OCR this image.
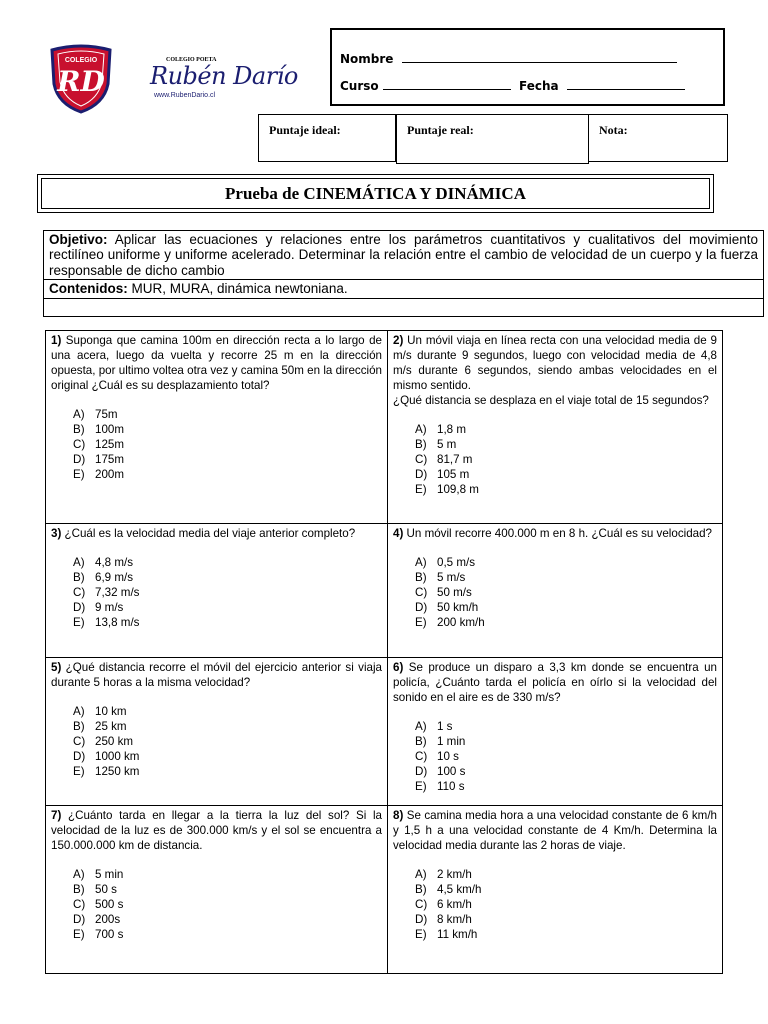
RD
COLEGIO	COLEGIO POETA
Rubén Darío
www.RubenDario.cl
Nombre
Curso	Fecha
Puntaje ideal:	Puntaje real:	Nota:
Prueba de CINEMÁTICA Y DINÁMICA
Objetivo: Aplicar las ecuaciones y relaciones entre los parámetros cuantitativos y cualitativos del movimiento rectilíneo uniforme y uniforme acelerado. Determinar la relación entre el cambio de velocidad de un cuerpo y la fuerza responsable de dicho cambio
Contenidos: MUR, MURA, dinámica newtoniana.
1) Suponga que camina 100m en dirección recta a lo largo de una acera, luego da vuelta y recorre 25 m en la dirección opuesta, por ultimo voltea otra vez y camina 50m en la dirección original ¿Cuál es su desplazamiento total?
A) 75m
B) 100m
C) 125m
D) 175m
E) 200m
2) Un móvil viaja en línea recta con una velocidad media de 9 m/s durante 9 segundos, luego con velocidad media de 4,8 m/s durante 6 segundos, siendo ambas velocidades en el mismo sentido.
¿Qué distancia se desplaza en el viaje total de 15 segundos?
A) 1,8 m
B) 5 m
C) 81,7 m
D) 105 m
E) 109,8 m
3) ¿Cuál es la velocidad media del viaje anterior completo?
A) 4,8 m/s
B) 6,9 m/s
C) 7,32 m/s
D) 9 m/s
E) 13,8 m/s
4) Un móvil recorre 400.000 m en 8 h. ¿Cuál es su velocidad?
A) 0,5 m/s
B) 5 m/s
C) 50 m/s
D) 50 km/h
E) 200 km/h
5) ¿Qué distancia recorre el móvil del ejercicio anterior si viaja durante 5 horas a la misma velocidad?
A) 10 km
B) 25 km
C) 250 km
D) 1000 km
E) 1250 km
6) Se produce un disparo a 3,3 km donde se encuentra un policía, ¿Cuánto tarda el policía en oírlo si la velocidad del sonido en el aire es de 330 m/s?
A) 1 s
B) 1 min
C) 10 s
D) 100 s
E) 110 s
7) ¿Cuánto tarda en llegar a la tierra la luz del sol? Si la velocidad de la luz es de 300.000 km/s y el sol se encuentra a 150.000.000 km de distancia.
A) 5 min
B) 50 s
C) 500 s
D) 200s
E) 700 s
8) Se camina media hora a una velocidad constante de 6 km/h y 1,5 h a una velocidad constante de 4 Km/h. Determina la velocidad media durante las 2 horas de viaje.
A) 2 km/h
B) 4,5 km/h
C) 6 km/h
D) 8 km/h
E) 11 km/h
